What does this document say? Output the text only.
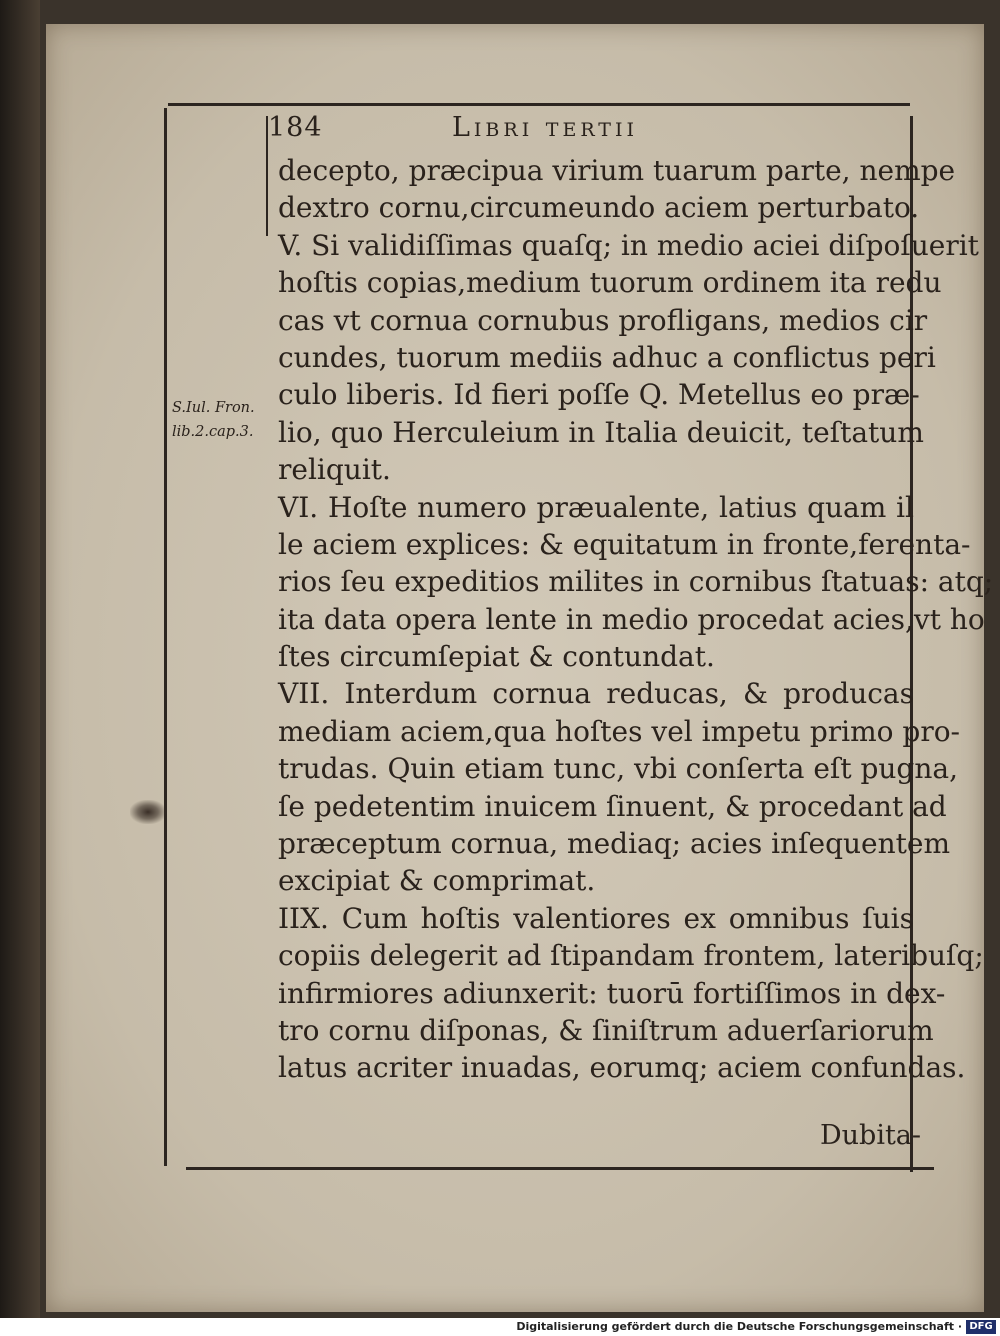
184	Libri tertii
S.Iul. Fron.
lib.2.cap.3.
decepto, præcipua virium tuarum parte, nempe
dextro cornu,circumeundo aciem perturbato.
V. Si validiſſimas quaſq; in medio aciei diſpoſuerit
hoſtis copias,medium tuorum ordinem ita redu
cas vt cornua cornubus profligans, medios cir
cundes, tuorum mediis adhuc a conflictus peri
culo liberis. Id fieri poſſe Q. Metellus eo præ-
lio, quo Herculeium in Italia deuicit, teſtatum
reliquit.
VI. Hoſte numero præualente, latius quam il
le aciem explices: & equitatum in fronte,ferenta-
rios ſeu expeditios milites in cornibus ſtatuas: atq;
ita data opera lente in medio procedat acies,vt ho
ſtes circumſepiat & contundat.
VII. Interdum cornua reducas, & producas
mediam aciem,qua hoſtes vel impetu primo pro-
trudas. Quin etiam tunc, vbi conſerta eſt pugna,
ſe pedetentim inuicem ſinuent, & procedant ad
præceptum cornua, mediaq; acies inſequentem
excipiat & comprimat.
IIX. Cum hoſtis valentiores ex omnibus ſuis
copiis delegerit ad ſtipandam frontem, lateribuſq;
infirmiores adiunxerit: tuorū fortiſſimos in dex-
tro cornu diſponas, & ſiniſtrum aduerſariorum
latus acriter inuadas, eorumq; aciem confundas.
Dubita-
Digitalisierung gefördert durch die Deutsche Forschungsgemeinschaft · DFG
